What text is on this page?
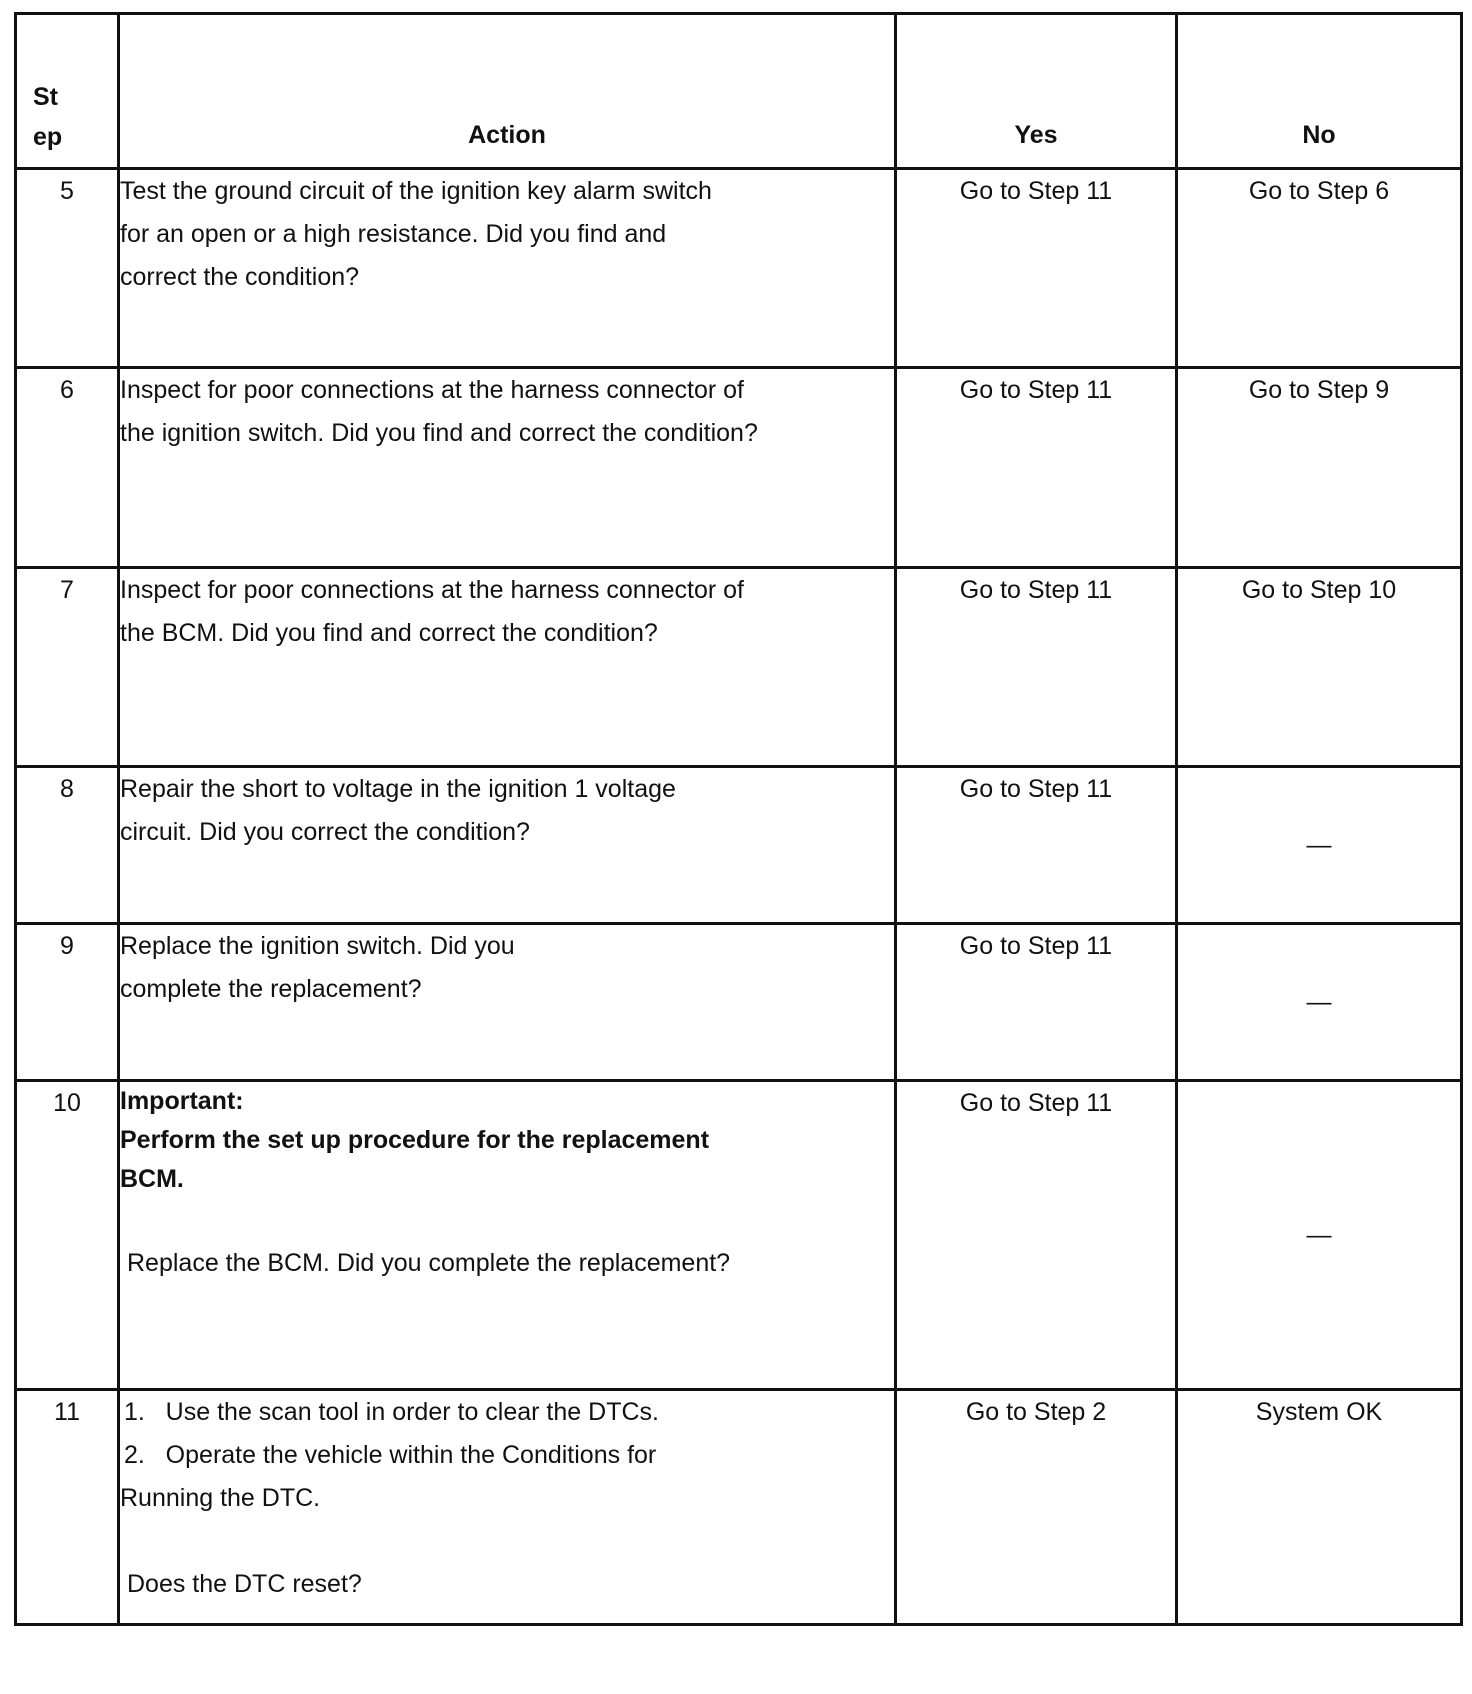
St
ep	Action	Yes	No
5	Test the ground circuit of the ignition key alarm switch

for an open or a high resistance. Did you find and

correct the condition?	Go to Step 11	Go to Step 6
6	Inspect for poor connections at the harness connector of

the ignition switch. Did you find and correct the condition?	Go to Step 11	Go to Step 9
7	Inspect for poor connections at the harness connector of

the BCM. Did you find and correct the condition?	Go to Step 11	Go to Step 10
8	Repair the short to voltage in the ignition 1 voltage

circuit. Did you correct the condition?	Go to Step 11	—
9	Replace the ignition switch. Did you

complete the replacement?	Go to Step 11	—
10	Important:

Perform the set up procedure for the replacement

BCM.

Replace the BCM. Did you complete the replacement?	Go to Step 11	—
11	1.   Use the scan tool in order to clear the DTCs.

2.   Operate the vehicle within the Conditions for

Running the DTC.

Does the DTC reset?	Go to Step 2	System OK
